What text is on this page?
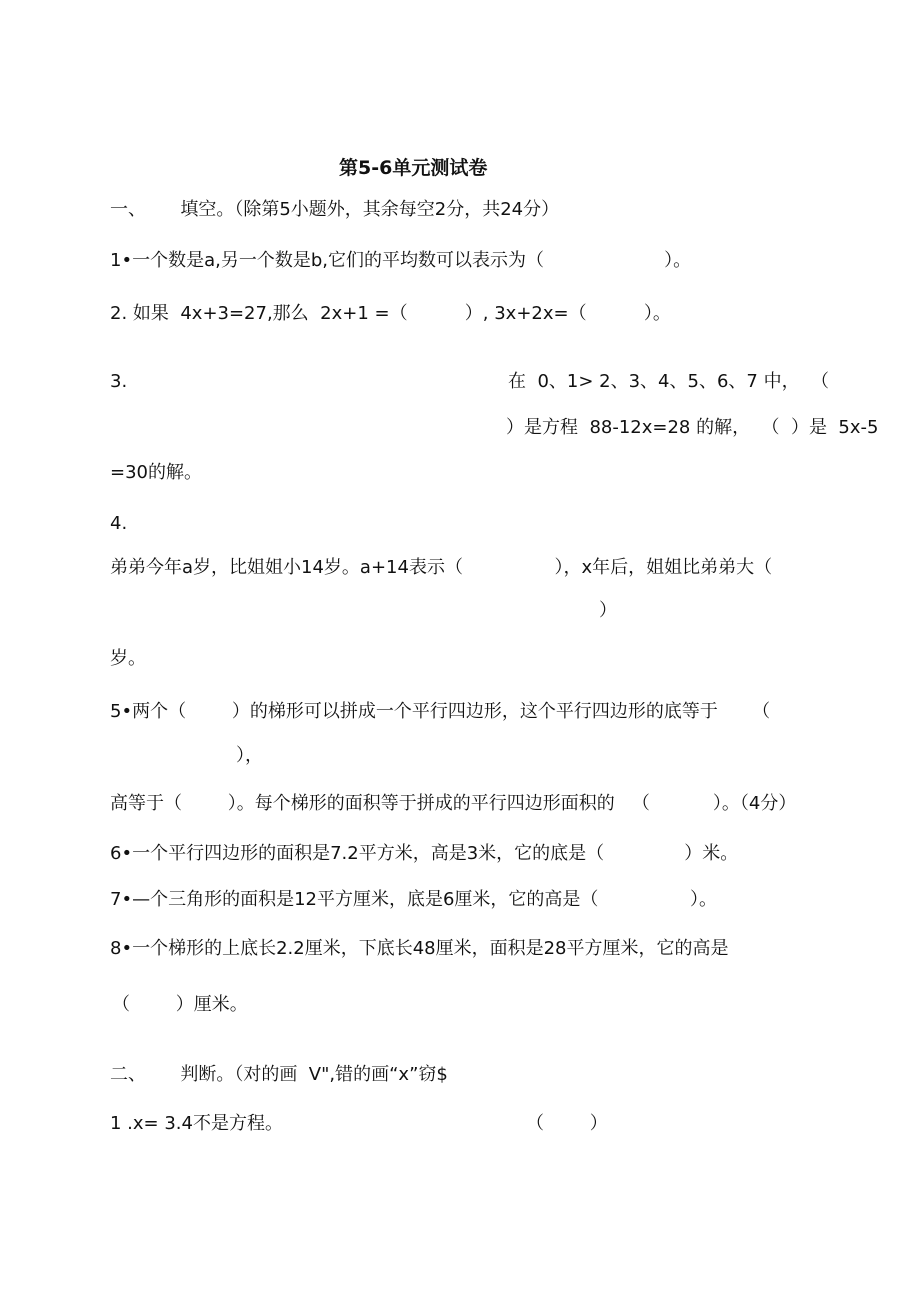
第5-6单元测试卷
一、      填空。（除第5小题外，其余每空2分，共24分）
1•一个数是a,另一个数是b,它们的平均数可以表示为（                     ）。
2. 如果  4x+3=27,那么  2x+1 =（          ）, 3x+2x=（          ）。
3.	在  0、1> 2、3、4、5、6、7 中，  （
）是方程  88-12x=28 的解，  （  ）是  5x-5
=30的解。
4.
弟弟今年a岁，比姐姐小14岁。a+14表示（                ），x年后，姐姐比弟弟大（
）
岁。
5•两个（        ）的梯形可以拼成一个平行四边形，这个平行四边形的底等于      （
），
高等于（        ）。每个梯形的面积等于拼成的平行四边形面积的   （           ）。（4分）
6•一个平行四边形的面积是7.2平方米，高是3米，它的底是（              ）米。
7•—个三角形的面积是12平方厘米，底是6厘米，它的高是（                ）。
8•一个梯形的上底长2.2厘米，下底长48厘米，面积是28平方厘米，它的高是
（        ）厘米。
二、      判断。（对的画  V",错的画“x”窃$
1 .x= 3.4不是方程。	（        ）
